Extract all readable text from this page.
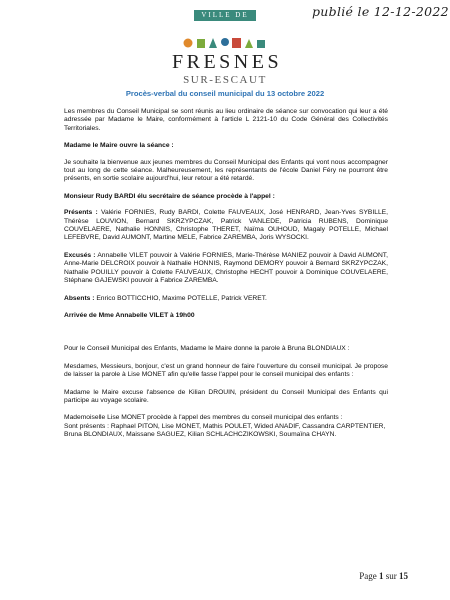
publié le 12-12-2022
VILLE DE
FRESNES
SUR-ESCAUT
Procès-verbal du conseil municipal du 13 octobre 2022

Les membres du Conseil Municipal se sont réunis au lieu ordinaire de séance sur convocation qui leur a été adressée par Madame le Maire, conformément à l'article L 2121-10 du Code Général des Collectivités Territoriales.

Madame le Maire ouvre la séance :

Je souhaite la bienvenue aux jeunes membres du Conseil Municipal des Enfants qui vont nous accompagner tout au long de cette séance. Malheureusement, les représentants de l'école Daniel Féry ne pourront être présents, en sortie scolaire aujourd'hui, leur retour a été retardé.

Monsieur Rudy BARDI élu secrétaire de séance procède à l'appel :

Présents : Valérie FORNIES, Rudy BARDI, Colette FAUVEAUX, José HENRARD, Jean-Yves SYBILLE, Thérèse LOUVION, Bernard SKRZYPCZAK, Patrick VANLEDE, Patricia RUBENS, Dominique COUVELAERE, Nathalie HONNIS, Christophe THERET, Naïma OUHOUD, Magaly POTELLE, Michael LEFEBVRE, David AUMONT, Martine MELE, Fabrice ZAREMBA, Joris WYSOCKI.

Excusés : Annabelle VILET pouvoir à Valérie FORNIES, Marie-Thérèse MANIEZ pouvoir à David AUMONT, Anne-Marie DELCROIX pouvoir à Nathalie HONNIS, Raymond DEMORY pouvoir à Bernard SKRZYPCZAK, Nathalie POUILLY pouvoir à Colette FAUVEAUX, Christophe HECHT pouvoir à Dominique COUVELAERE, Stéphane GAJEWSKI pouvoir à Fabrice ZAREMBA.

Absents : Enrico BOTTICCHIO, Maxime POTELLE, Patrick VERET.

Arrivée de Mme Annabelle VILET à 19h00

Pour le Conseil Municipal des Enfants, Madame le Maire donne la parole à Bruna BLONDIAUX :

Mesdames, Messieurs, bonjour, c'est un grand honneur de faire l'ouverture du conseil municipal. Je propose de laisser la parole à Lise MONET afin qu'elle fasse l'appel pour le conseil municipal des enfants :

Madame le Maire excuse l'absence de Kilian DROUIN, président du Conseil Municipal des Enfants qui participe au voyage scolaire.

Mademoiselle Lise MONET procède à l'appel des membres du conseil municipal des enfants :

Sont présents : Raphael PITON, Lise MONET, Mathis POULET, Wided ANADIF, Cassandra CARPTENTIER, Bruna BLONDIAUX, Maissane SAGUEZ, Kilian SCHLACHCZIKOWSKI, Soumaïna CHAYN.

Page 1 sur 15
